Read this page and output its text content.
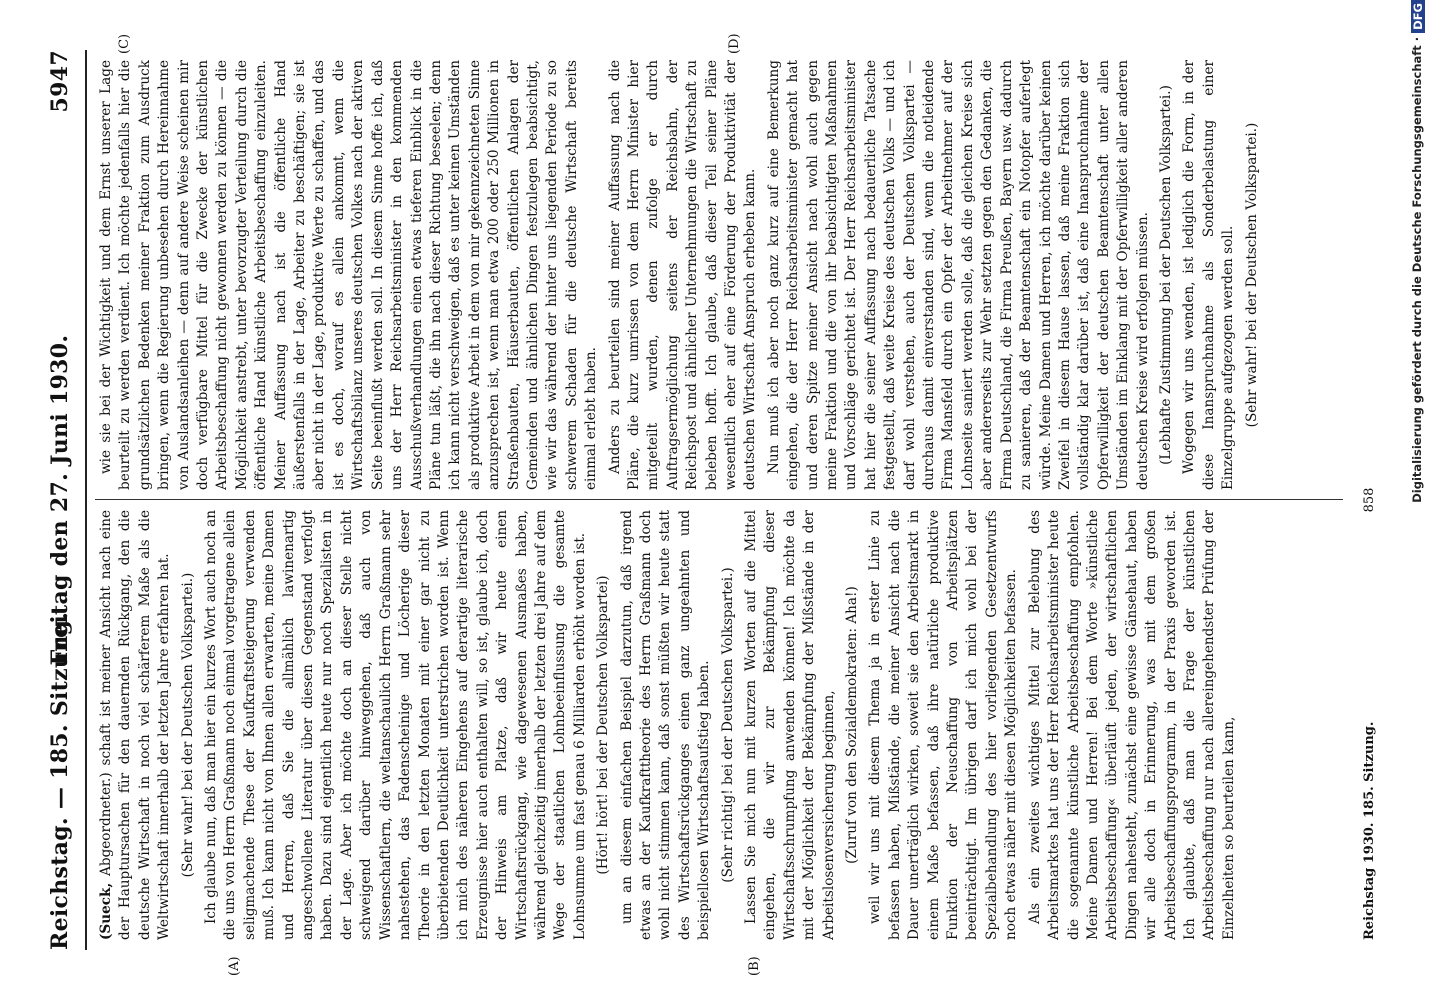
Reichstag. — 185. Sitzung.
Freitag den 27. Juni 1930.
5947
(A)	(B)
(C)	(D)

(Sueck, Abgeordneter.) schaft ist meiner Ansicht nach eine der Hauptursachen für den dauernden Rückgang, den die deutsche Wirtschaft in noch viel schärferem Maße als die Weltwirtschaft innerhalb der letzten Jahre erfahren hat. (Sehr wahr! bei der Deutschen Volkspartei.) Ich glaube nun, daß man hier ein kurzes Wort auch noch an die uns von Herrn Graßmann noch einmal vorgetragene allein seligmachende These der Kaufkraftsteigerung verwenden muß. Ich kann nicht von Ihnen allen erwarten, meine Damen und Herren, daß Sie die allmählich lawinenartig angeschwollene Literatur über diesen Gegenstand verfolgt haben. Dazu sind eigentlich heute nur noch Spezialisten in der Lage. Aber ich möchte doch an dieser Stelle nicht schweigend darüber hinweggehen, daß auch von Wissenschaftlern, die weltanschaulich Herrn Graßmann sehr nahestehen, das Fadenscheinige und Löcherige dieser Theorie in den letzten Monaten mit einer gar nicht zu überbietenden Deutlichkeit unterstrichen worden ist. Wenn ich mich des näheren Eingehens auf derartige literarische Erzeugnisse hier auch enthalten will, so ist, glaube ich, doch der Hinweis am Platze, daß wir heute einen Wirtschaftsrückgang, wie dagewesenen Ausmaßes haben, während gleichzeitig innerhalb der letzten drei Jahre auf dem Wege der staatlichen Lohnbeeinflussung die gesamte Lohnsumme um fast genau 6 Milliarden erhöht worden ist. (Hört! hört! bei der Deutschen Volkspartei) um an diesem einfachen Beispiel darzutun, daß irgend etwas an der Kaufkrafttheorie des Herrn Graßmann doch wohl nicht stimmen kann, daß sonst müßten wir heute statt des Wirtschaftsrückganges einen ganz ungeahnten und beispiellosen Wirtschaftsaufstieg haben. (Sehr richtig! bei der Deutschen Volkspartei.) Lassen Sie mich nun mit kurzen Worten auf die Mittel eingehen, die wir zur Bekämpfung dieser Wirtschaftsschrumpfung anwenden können! Ich möchte da mit der Möglichkeit der Bekämpfung der Mißstände in der Arbeitslosenversicherung beginnen, (Zuruf von den Sozialdemokraten: Aha!) weil wir uns mit diesem Thema ja in erster Linie zu befassen haben, Mißstände, die meiner Ansicht nach die Dauer unerträglich wirken, soweit sie den Arbeitsmarkt in einem Maße befassen, daß ihre natürliche produktive Funktion der Neuschaffung von Arbeitsplätzen beeinträchtigt. Im übrigen darf ich mich wohl bei der Spezialbehandlung des hier vorliegenden Gesetzentwurfs noch etwas näher mit diesen Möglichkeiten befassen. Als ein zweites wichtiges Mittel zur Belebung des Arbeitsmarktes hat uns der Herr Reichsarbeitsminister heute die sogenannte künstliche Arbeitsbeschaffung empfohlen. Meine Damen und Herren! Bei dem Worte »künstliche Arbeitsbeschaffung« überläuft jeden, der wirtschaftlichen Dingen nahesteht, zunächst eine gewisse Gänsehaut, haben wir alle doch in Erinnerung, was mit dem großen Arbeitsbeschaffungsprogramm, in der Praxis geworden ist. Ich glaubte, daß man die Frage der künstlichen Arbeitsbeschaffung nur nach allereingehendster Prüfung der Einzelheiten so beurteilen kann,

wie sie bei der Wichtigkeit und dem Ernst unserer Lage beurteilt zu werden verdient. Ich möchte jedenfalls hier die grundsätzlichen Bedenken meiner Fraktion zum Ausdruck bringen, wenn die Regierung unbesehen durch Hereinnahme von Auslandsanleihen — denn auf andere Weise scheinen mir doch verfügbare Mittel für die Zwecke der künstlichen Arbeitsbeschaffung nicht gewonnen werden zu können — die Möglichkeit anstrebt, unter bevorzugter Verteilung durch die öffentliche Hand künstliche Arbeitsbeschaffung einzuleiten. Meiner Auffassung nach ist die öffentliche Hand äußerstenfalls in der Lage, Arbeiter zu beschäftigen; sie ist aber nicht in der Lage, produktive Werte zu schaffen, und das ist es doch, worauf es allein ankommt, wenn die Wirtschaftsbilanz unseres deutschen Volkes nach der aktiven Seite beeinflußt werden soll. In diesem Sinne hoffe ich, daß uns der Herr Reichsarbeitsminister in den kommenden Ausschußverhandlungen einen etwas tieferen Einblick in die Pläne tun läßt, die ihn nach dieser Richtung beseelen; denn ich kann nicht verschweigen, daß es unter keinen Umständen als produktive Arbeit in dem von mir gekennzeichneten Sinne anzusprechen ist, wenn man etwa 200 oder 250 Millionen in Straßenbauten, Häuserbauten, öffentlichen Anlagen der Gemeinden und ähnlichen Dingen festzulegen beabsichtigt, wie wir das während der hinter uns liegenden Periode zu so schwerem Schaden für die deutsche Wirtschaft bereits einmal erlebt haben. Anders zu beurteilen sind meiner Auffassung nach die Pläne, die kurz umrissen von dem Herrn Minister hier mitgeteilt wurden, denen zufolge er durch Auftragsermöglichung seitens der Reichsbahn, der Reichspost und ähnlicher Unternehmungen die Wirtschaft zu beleben hofft. Ich glaube, daß dieser Teil seiner Pläne wesentlich eher auf eine Förderung der Produktivität der deutschen Wirtschaft Anspruch erheben kann. Nun muß ich aber noch ganz kurz auf eine Bemerkung eingehen, die der Herr Reichsarbeitsminister gemacht hat und deren Spitze meiner Ansicht nach wohl auch gegen meine Fraktion und die von ihr beabsichtigten Maßnahmen und Vorschläge gerichtet ist. Der Herr Reichsarbeitsminister hat hier die seiner Auffassung nach bedauerliche Tatsache festgestellt, daß weite Kreise des deutschen Volks — und ich darf wohl verstehen, auch der Deutschen Volkspartei — durchaus damit einverstanden sind, wenn die notleidende Firma Mansfeld durch ein Opfer der Arbeitnehmer auf der Lohnseite saniert werden solle, daß die gleichen Kreise sich aber andererseits zur Wehr setzten gegen den Gedanken, die Firma Deutschland, die Firma Preußen, Bayern usw. dadurch zu sanieren, daß der Beamtenschaft ein Notopfer auferlegt würde. Meine Damen und Herren, ich möchte darüber keinen Zweifel in diesem Hause lassen, daß meine Fraktion sich vollständig klar darüber ist, daß eine Inanspruchnahme der Opferwilligkeit der deutschen Beamtenschaft unter allen Umständen im Einklang mit der Opferwilligkeit aller anderen deutschen Kreise wird erfolgen müssen. (Lebhafte Zustimmung bei der Deutschen Volkspartei.) Wogegen wir uns wenden, ist lediglich die Form, in der diese Inanspruchnahme als Sonderbelastung einer Einzelgruppe aufgezogen werden soll. (Sehr wahr! bei der Deutschen Volkspartei.)

Reichstag 1930. 185. Sitzung.
858	Digitalisierung gefördert durch die Deutsche Forschungsgemeinschaft ·DFG
